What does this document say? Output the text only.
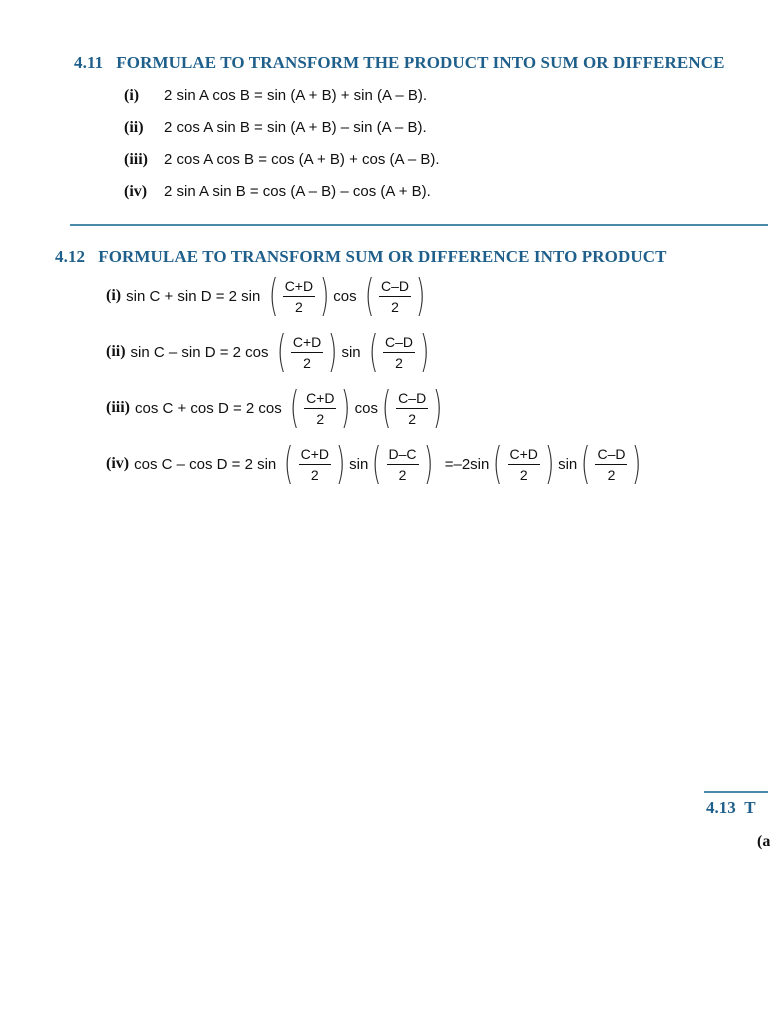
4.11 FORMULAE TO TRANSFORM THE PRODUCT INTO SUM OR DIFFERENCE
(i) 2 sin A cos B = sin (A + B) + sin (A – B).
(ii) 2 cos A sin B = sin (A + B) – sin (A – B).
(iii) 2 cos A cos B = cos (A + B) + cos (A – B).
(iv) 2 sin A sin B = cos (A – B) – cos (A + B).
4.12 FORMULAE TO TRANSFORM SUM OR DIFFERENCE INTO PRODUCT
(i) sin C + sin D = 2 sin ( $\frac{C+D}{2}$ ) cos ( $\frac{C-D}{2}$ )
(ii) sin C – sin D = 2 cos ( $\frac{C+D}{2}$ ) sin ( $\frac{C-D}{2}$ )
(iii) cos C + cos D = 2 cos ( $\frac{C+D}{2}$ ) cos ( $\frac{C-D}{2}$ )
(iv) cos C – cos D = 2 sin ( $\frac{C+D}{2}$ ) sin ( $\frac{D-C}{2}$ ) =–2sin ( $\frac{C+D}{2}$ ) sin ( $\frac{C-D}{2}$ )
4.13 T
(a
